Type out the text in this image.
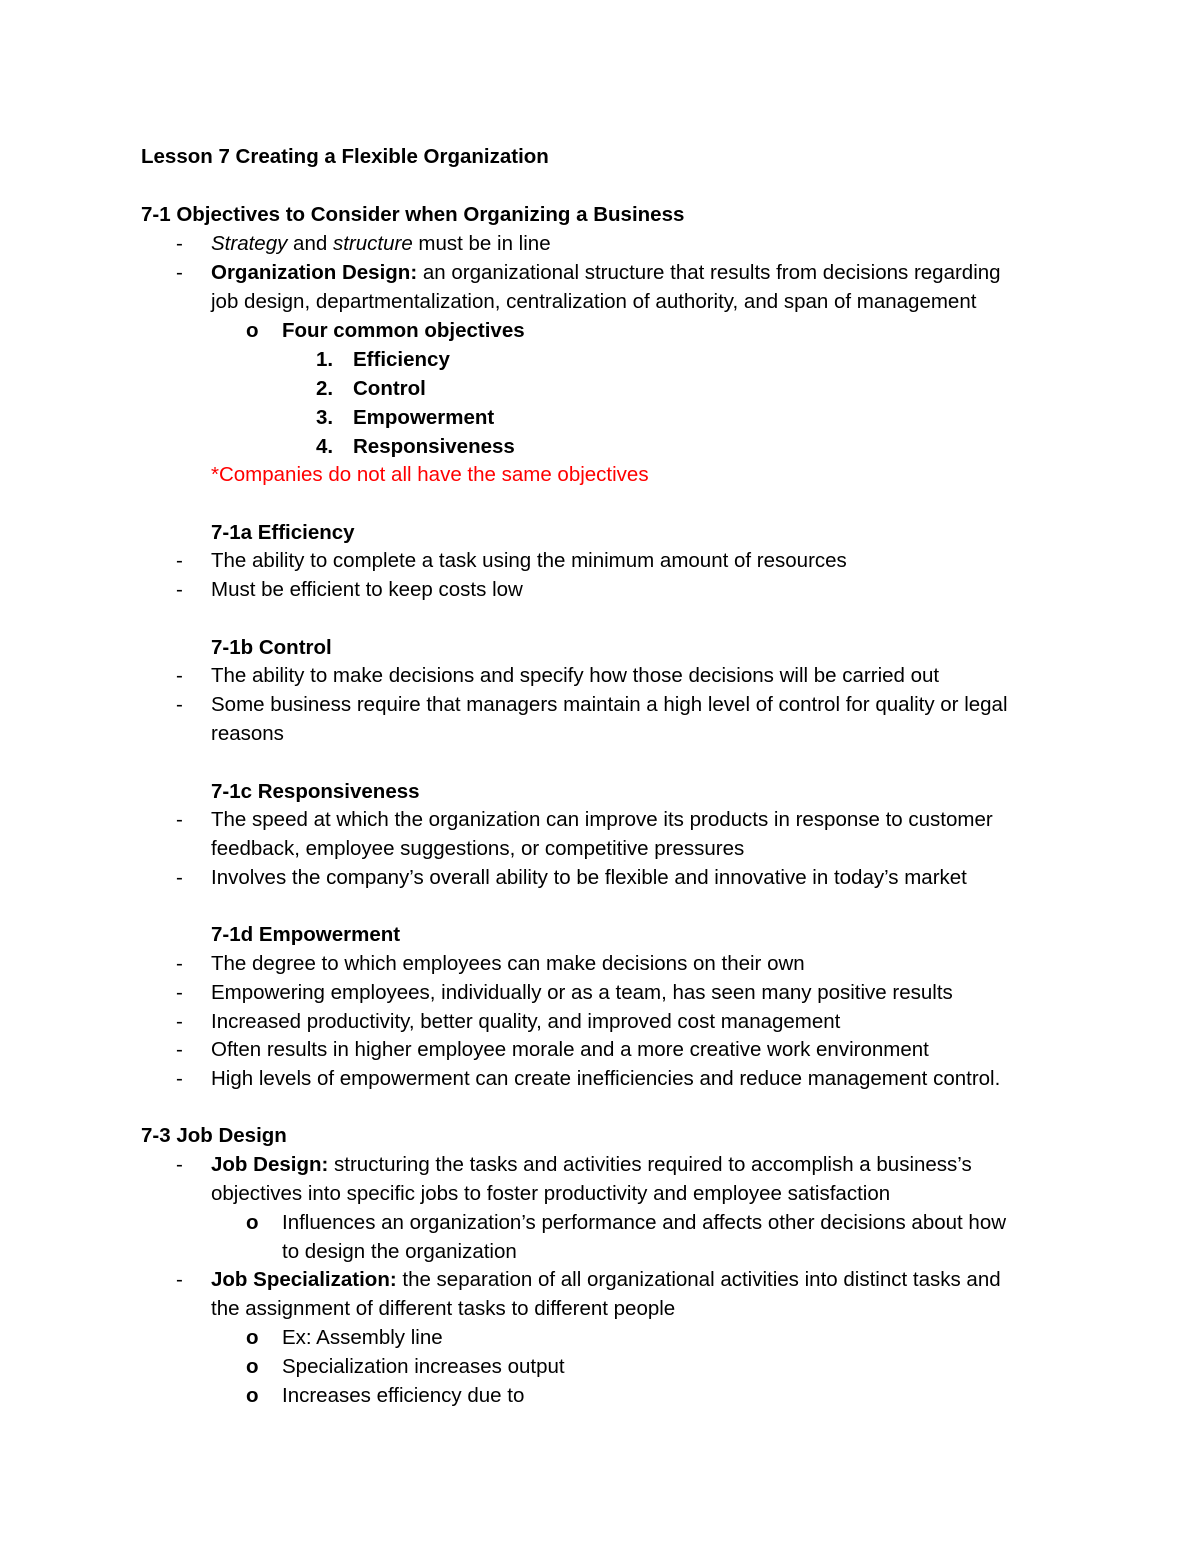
Lesson 7 Creating a Flexible Organization
7-1 Objectives to Consider when Organizing a Business
- Strategy and structure must be in line
- Organization Design: an organizational structure that results from decisions regarding
job design, departmentalization, centralization of authority, and span of management
o Four common objectives
1. Efficiency
2. Control
3. Empowerment
4. Responsiveness
*Companies do not all have the same objectives
7-1a Efficiency
- The ability to complete a task using the minimum amount of resources
- Must be efficient to keep costs low
7-1b Control
- The ability to make decisions and specify how those decisions will be carried out
- Some business require that managers maintain a high level of control for quality or legal
reasons
7-1c Responsiveness
- The speed at which the organization can improve its products in response to customer
feedback, employee suggestions, or competitive pressures
- Involves the company’s overall ability to be flexible and innovative in today’s market
7-1d Empowerment
- The degree to which employees can make decisions on their own
- Empowering employees, individually or as a team, has seen many positive results
- Increased productivity, better quality, and improved cost management
- Often results in higher employee morale and a more creative work environment
- High levels of empowerment can create inefficiencies and reduce management control.
7-3 Job Design
- Job Design: structuring the tasks and activities required to accomplish a business’s
objectives into specific jobs to foster productivity and employee satisfaction
o Influences an organization’s performance and affects other decisions about how
to design the organization
- Job Specialization: the separation of all organizational activities into distinct tasks and
the assignment of different tasks to different people
o Ex: Assembly line
o Specialization increases output
o Increases efficiency due to
